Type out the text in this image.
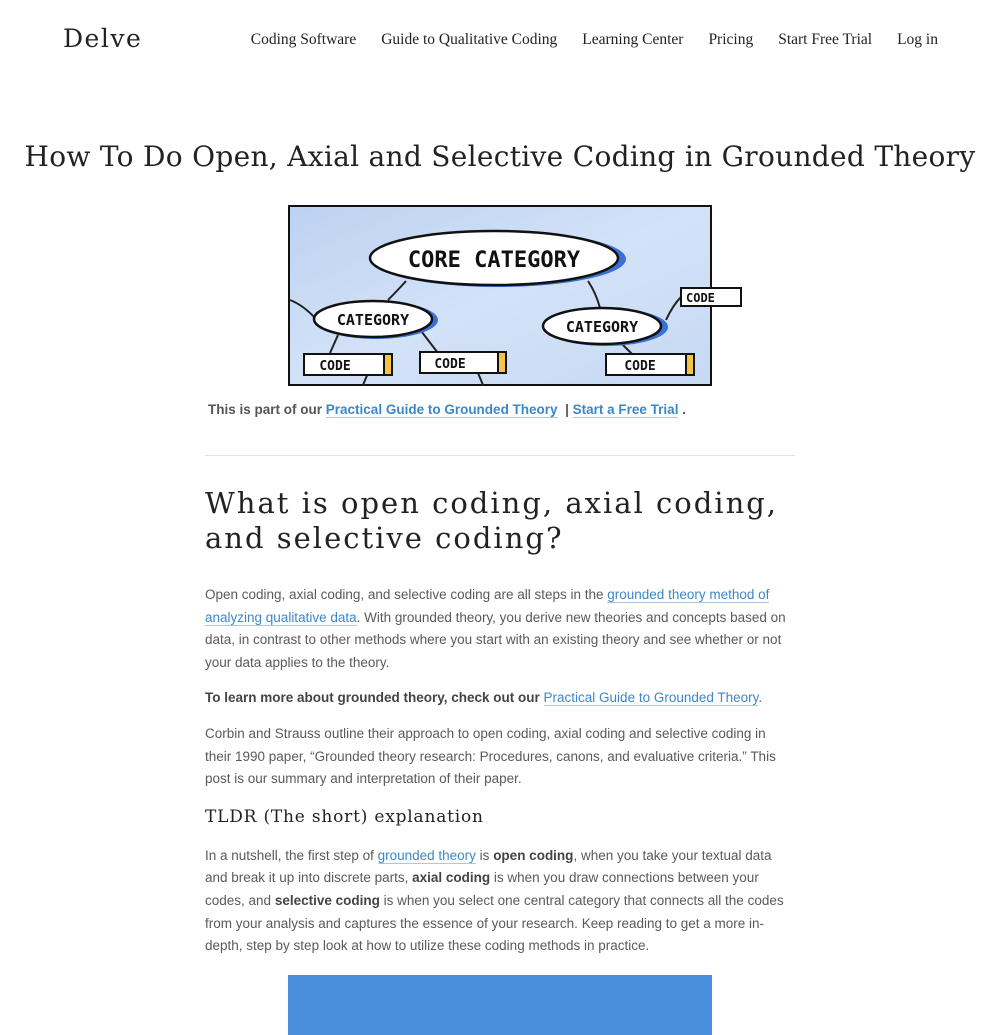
Delve	Coding Software Guide to Qualitative Coding Learning Center Pricing Start Free Trial Log in
How To Do Open, Axial and Selective Coding in Grounded Theory
CORE CATEGORY
CATEGORY	CATEGORY
CODE	CODE	CODE
CODE
This is part of our Practical Guide to Grounded Theory | Start a Free Trial .
What is open coding, axial coding, and selective coding?

Open coding, axial coding, and selective coding are all steps in the grounded theory method of analyzing qualitative data. With grounded theory, you derive new theories and concepts based on data, in contrast to other methods where you start with an existing theory and see whether or not your data applies to the theory.

To learn more about grounded theory, check out our Practical Guide to Grounded Theory.

Corbin and Strauss outline their approach to open coding, axial coding and selective coding in their 1990 paper, “Grounded theory research: Procedures, canons, and evaluative criteria.” This post is our summary and interpretation of their paper.

TLDR (The short) explanation

In a nutshell, the first step of grounded theory is open coding, when you take your textual data and break it up into discrete parts, axial coding is when you draw connections between your codes, and selective coding is when you select one central category that connects all the codes from your analysis and captures the essence of your research. Keep reading to get a more in-depth, step by step look at how to utilize these coding methods in practice.
